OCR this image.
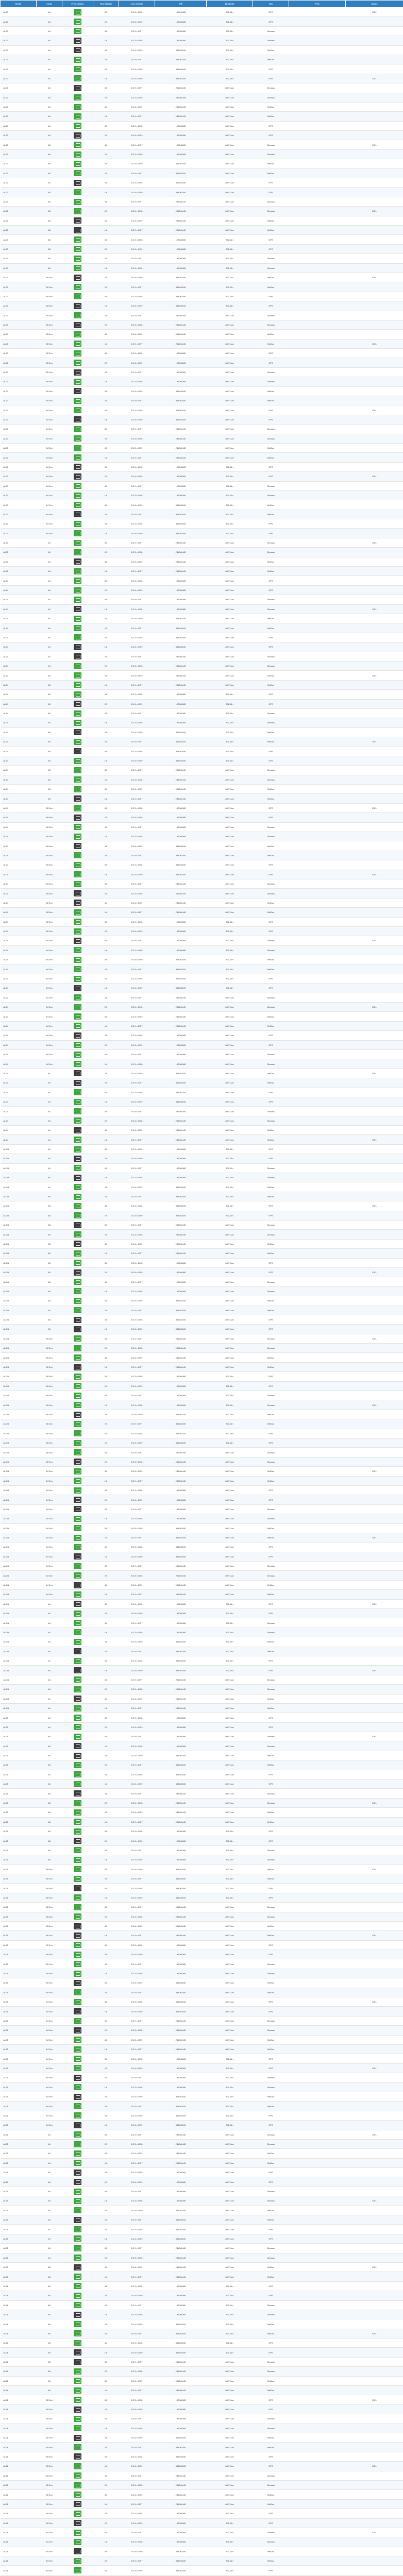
Model	Head	Front display	Rear display	Lens module	Wifi	Bluetooth	Nav	Price	Status
AL23	A4		3.0	1/2.3 x 1/2.8	1920x1080	802.11n	GPS		CIEL
AL23	A4		2.0	1/1.8 x 1/2.9	1920x1080	802.11n	GPS		
AL23	A4		4.0	1/2.9 x 1/2.7	1920x1080	802.11n	Glonass		
AL23	A4		1.6	1/2.3 x 1/2.8	1920x1080	802.11n	Glonass		
AL23	A4		3.0	1/1.8 x 1/2.9	3840x2160	802.11n	BeiDou		
AL23	A4		2.0	1/2.9 x 1/2.7	3840x2160	802.11n	BeiDou		
AL23	A4		4.0	1/2.3 x 1/2.8	3840x2160	802.11n	GPS		
AL23	A4		1.6	1/1.8 x 1/2.9	3840x2160	802.11n	GPS		CIEL
AL23	A4		3.0	1/2.9 x 1/2.7	2560x1440	802.11ac	Glonass		
AL23	A4		2.0	1/2.3 x 1/2.8	2560x1440	802.11ac	Glonass		
AL23	A4		4.0	1/1.8 x 1/2.9	2560x1440	802.11ac	BeiDou		
AL23	A4		1.6	1/2.9 x 1/2.7	2560x1440	802.11ac	BeiDou		
AL23	A4		3.0	1/2.3 x 1/2.8	1920x1080	802.11ac	GPS		
AL23	A4		2.0	1/1.8 x 1/2.9	1920x1080	802.11ac	GPS		
AL23	A5		4.0	1/2.9 x 1/2.7	1920x1080	802.11ac	Glonass		CIEL
AL23	A5		1.6	1/2.3 x 1/2.8	1920x1080	802.11ac	Glonass		
AL23	A5		3.0	1/1.8 x 1/2.9	3840x2160	802.11ax	BeiDou		
AL23	A5		2.0	1/2.9 x 1/2.7	3840x2160	802.11ax	BeiDou		
AL23	A5		4.0	1/2.3 x 1/2.8	3840x2160	802.11ax	GPS		
AL23	A5		1.6	1/1.8 x 1/2.9	3840x2160	802.11ax	GPS		
AL23	A5		3.0	1/2.9 x 1/2.7	2560x1440	802.11ax	Glonass		
AL23	A5		2.0	1/2.3 x 1/2.8	2560x1440	802.11ax	Glonass		CIEL
AL23	A5		4.0	1/1.8 x 1/2.9	2560x1440	802.11ax	BeiDou		
AL23	A5		1.6	1/2.9 x 1/2.7	2560x1440	802.11ax	BeiDou		
AL23	A5		3.0	1/2.3 x 1/2.8	1920x1080	802.11n	GPS		
AL23	A5		2.0	1/1.8 x 1/2.9	1920x1080	802.11n	GPS		
AL23	A5		4.0	1/2.9 x 1/2.7	1920x1080	802.11n	Glonass		
AL23	A5		1.6	1/2.3 x 1/2.8	1920x1080	802.11n	Glonass		
AL23	A5 Eco		3.0	1/1.8 x 1/2.9	3840x2160	802.11n	BeiDou		CIEL
AL23	A5 Eco		2.0	1/2.9 x 1/2.7	3840x2160	802.11n	BeiDou		
AL23	A5 Eco		4.0	1/2.3 x 1/2.8	3840x2160	802.11n	GPS		
AL23	A5 Eco		1.6	1/1.8 x 1/2.9	3840x2160	802.11n	GPS		
AL23	A5 Eco		3.0	1/2.9 x 1/2.7	2560x1440	802.11ac	Glonass		
AL23	A5 Eco		2.0	1/2.3 x 1/2.8	2560x1440	802.11ac	Glonass		
AL23	A5 Eco		4.0	1/1.8 x 1/2.9	2560x1440	802.11ac	BeiDou		
AL23	A5 Eco		1.6	1/2.9 x 1/2.7	2560x1440	802.11ac	BeiDou		CIEL
AL23	A5 Eco		3.0	1/2.3 x 1/2.8	1920x1080	802.11ac	GPS		
AL23	A5 Eco		2.0	1/1.8 x 1/2.9	1920x1080	802.11ac	GPS		
AL23	A5 Eco		4.0	1/2.9 x 1/2.7	1920x1080	802.11ac	Glonass		
AL23	A5 Eco		1.6	1/2.3 x 1/2.8	1920x1080	802.11ac	Glonass		
AL23	A5 Eco		3.0	1/1.8 x 1/2.9	3840x2160	802.11ax	BeiDou		
AL23	A5 Eco		2.0	1/2.9 x 1/2.7	3840x2160	802.11ax	BeiDou		
AL23	A4 Eco		4.0	1/2.3 x 1/2.8	3840x2160	802.11ax	GPS		CIEL
AL23	A4 Eco		1.6	1/1.8 x 1/2.9	3840x2160	802.11ax	GPS		
AL23	A4 Eco		3.0	1/2.9 x 1/2.7	2560x1440	802.11ax	Glonass		
AL23	A4 Eco		2.0	1/2.3 x 1/2.8	2560x1440	802.11ax	Glonass		
AL23	A4 Eco		4.0	1/1.8 x 1/2.9	2560x1440	802.11ax	BeiDou		
AL23	A4 Eco		1.6	1/2.9 x 1/2.7	2560x1440	802.11ax	BeiDou		
AL23	A4 Eco		3.0	1/2.3 x 1/2.8	1920x1080	802.11n	GPS		
AL23	A4 Eco		2.0	1/1.8 x 1/2.9	1920x1080	802.11n	GPS		CIEL
AL23	A4 Eco		4.0	1/2.9 x 1/2.7	1920x1080	802.11n	Glonass		
AL23	A4 Eco		1.6	1/2.3 x 1/2.8	1920x1080	802.11n	Glonass		
AL23	A4 Eco		3.0	1/1.8 x 1/2.9	3840x2160	802.11n	BeiDou		
AL23	A4 Eco		2.0	1/2.9 x 1/2.7	3840x2160	802.11n	BeiDou		
AL23	A4 Eco		4.0	1/2.3 x 1/2.8	3840x2160	802.11n	GPS		
AL23	A4 Eco		1.6	1/1.8 x 1/2.9	3840x2160	802.11n	GPS		
AL23	A4		3.0	1/2.9 x 1/2.7	2560x1440	802.11ac	Glonass		CIEL
AL23	A4		2.0	1/2.3 x 1/2.8	2560x1440	802.11ac	Glonass		
AL23	A4		4.0	1/1.8 x 1/2.9	2560x1440	802.11ac	BeiDou		
AL23	A4		1.6	1/2.9 x 1/2.7	2560x1440	802.11ac	BeiDou		
AL24	A4		3.0	1/2.3 x 1/2.8	1920x1080	802.11ac	GPS		
AL24	A4		2.0	1/1.8 x 1/2.9	1920x1080	802.11ac	GPS		
AL24	A4		4.0	1/2.9 x 1/2.7	1920x1080	802.11ac	Glonass		
AL24	A4		1.6	1/2.3 x 1/2.8	1920x1080	802.11ac	Glonass		CIEL
AL24	A4		3.0	1/1.8 x 1/2.9	3840x2160	802.11ax	BeiDou		
AL24	A4		2.0	1/2.9 x 1/2.7	3840x2160	802.11ax	BeiDou		
AL24	A4		4.0	1/2.3 x 1/2.8	3840x2160	802.11ax	GPS		
AL24	A4		1.6	1/1.8 x 1/2.9	3840x2160	802.11ax	GPS		
AL24	A4		3.0	1/2.9 x 1/2.7	2560x1440	802.11ax	Glonass		
AL24	A4		2.0	1/2.3 x 1/2.8	2560x1440	802.11ax	Glonass		
AL24	A5		4.0	1/1.8 x 1/2.9	2560x1440	802.11ax	BeiDou		CIEL
AL24	A5		1.6	1/2.9 x 1/2.7	2560x1440	802.11ax	BeiDou		
AL24	A5		3.0	1/2.3 x 1/2.8	1920x1080	802.11n	GPS		
AL24	A5		2.0	1/1.8 x 1/2.9	1920x1080	802.11n	GPS		
AL24	A5		4.0	1/2.9 x 1/2.7	1920x1080	802.11n	Glonass		
AL24	A5		1.6	1/2.3 x 1/2.8	1920x1080	802.11n	Glonass		
AL24	A5		3.0	1/1.8 x 1/2.9	3840x2160	802.11n	BeiDou		
AL24	A5		2.0	1/2.9 x 1/2.7	3840x2160	802.11n	BeiDou		CIEL
AL24	A5		4.0	1/2.3 x 1/2.8	3840x2160	802.11n	GPS		
AL24	A5		1.6	1/1.8 x 1/2.9	3840x2160	802.11n	GPS		
AL24	A5		3.0	1/2.9 x 1/2.7	2560x1440	802.11ac	Glonass		
AL24	A5		2.0	1/2.3 x 1/2.8	2560x1440	802.11ac	Glonass		
AL24	A5		4.0	1/1.8 x 1/2.9	2560x1440	802.11ac	BeiDou		
AL24	A5		1.6	1/2.9 x 1/2.7	2560x1440	802.11ac	BeiDou		
AL24	A5 Eco		3.0	1/2.3 x 1/2.8	1920x1080	802.11ac	GPS		CIEL
AL24	A5 Eco		2.0	1/1.8 x 1/2.9	1920x1080	802.11ac	GPS		
AL24	A5 Eco		4.0	1/2.9 x 1/2.7	1920x1080	802.11ac	Glonass		
AL24	A5 Eco		1.6	1/2.3 x 1/2.8	1920x1080	802.11ac	Glonass		
AL24	A5 Eco		3.0	1/1.8 x 1/2.9	3840x2160	802.11ax	BeiDou		
AL24	A5 Eco		2.0	1/2.9 x 1/2.7	3840x2160	802.11ax	BeiDou		
AL24	A5 Eco		4.0	1/2.3 x 1/2.8	3840x2160	802.11ax	GPS		
AL24	A5 Eco		1.6	1/1.8 x 1/2.9	3840x2160	802.11ax	GPS		CIEL
AL24	A5 Eco		3.0	1/2.9 x 1/2.7	2560x1440	802.11ax	Glonass		
AL24	A5 Eco		2.0	1/2.3 x 1/2.8	2560x1440	802.11ax	Glonass		
AL24	A5 Eco		4.0	1/1.8 x 1/2.9	2560x1440	802.11ax	BeiDou		
AL24	A5 Eco		1.6	1/2.9 x 1/2.7	2560x1440	802.11ax	BeiDou		
AL24	A5 Eco		3.0	1/2.3 x 1/2.8	1920x1080	802.11n	GPS		
AL24	A5 Eco		2.0	1/1.8 x 1/2.9	1920x1080	802.11n	GPS		
AL24	A4 Eco		4.0	1/2.9 x 1/2.7	1920x1080	802.11n	Glonass		CIEL
AL24	A4 Eco		1.6	1/2.3 x 1/2.8	1920x1080	802.11n	Glonass		
AL24	A4 Eco		3.0	1/1.8 x 1/2.9	3840x2160	802.11n	BeiDou		
AL24	A4 Eco		2.0	1/2.9 x 1/2.7	3840x2160	802.11n	BeiDou		
AL24	A4 Eco		4.0	1/2.3 x 1/2.8	3840x2160	802.11n	GPS		
AL24	A4 Eco		1.6	1/1.8 x 1/2.9	3840x2160	802.11n	GPS		
AL24	A4 Eco		3.0	1/2.9 x 1/2.7	2560x1440	802.11ac	Glonass		
AL24	A4 Eco		2.0	1/2.3 x 1/2.8	2560x1440	802.11ac	Glonass		CIEL
AL24	A4 Eco		4.0	1/1.8 x 1/2.9	2560x1440	802.11ac	BeiDou		
AL24	A4 Eco		1.6	1/2.9 x 1/2.7	2560x1440	802.11ac	BeiDou		
AL24	A4 Eco		3.0	1/2.3 x 1/2.8	1920x1080	802.11ac	GPS		
AL24	A4 Eco		2.0	1/1.8 x 1/2.9	1920x1080	802.11ac	GPS		
AL24	A4 Eco		4.0	1/2.9 x 1/2.7	1920x1080	802.11ac	Glonass		
AL24	A4 Eco		1.6	1/2.3 x 1/2.8	1920x1080	802.11ac	Glonass		
AL24	A4		3.0	1/1.8 x 1/2.9	3840x2160	802.11ax	BeiDou		CIEL
AL24	A4		2.0	1/2.9 x 1/2.7	3840x2160	802.11ax	BeiDou		
AL24	A4		4.0	1/2.3 x 1/2.8	3840x2160	802.11ax	GPS		
AL24	A4		1.6	1/1.8 x 1/2.9	3840x2160	802.11ax	GPS		
AL24	A4		3.0	1/2.9 x 1/2.7	2560x1440	802.11ax	Glonass		
AL24	A4		2.0	1/2.3 x 1/2.8	2560x1440	802.11ax	Glonass		
AL24	A4		4.0	1/1.8 x 1/2.9	2560x1440	802.11ax	BeiDou		
AL24	A4		1.6	1/2.9 x 1/2.7	2560x1440	802.11ax	BeiDou		CIEL
AL24L	A4		3.0	1/2.3 x 1/2.8	1920x1080	802.11n	GPS		
AL24L	A4		2.0	1/1.8 x 1/2.9	1920x1080	802.11n	GPS		
AL24L	A4		4.0	1/2.9 x 1/2.7	1920x1080	802.11n	Glonass		
AL24L	A4		1.6	1/2.3 x 1/2.8	1920x1080	802.11n	Glonass		
AL24L	A4		3.0	1/1.8 x 1/2.9	3840x2160	802.11n	BeiDou		
AL24L	A4		2.0	1/2.9 x 1/2.7	3840x2160	802.11n	BeiDou		
AL24L	A5		4.0	1/2.3 x 1/2.8	3840x2160	802.11n	GPS		CIEL
AL24L	A5		1.6	1/1.8 x 1/2.9	3840x2160	802.11n	GPS		
AL24L	A5		3.0	1/2.9 x 1/2.7	2560x1440	802.11ac	Glonass		
AL24L	A5		2.0	1/2.3 x 1/2.8	2560x1440	802.11ac	Glonass		
AL24L	A5		4.0	1/1.8 x 1/2.9	2560x1440	802.11ac	BeiDou		
AL24L	A5		1.6	1/2.9 x 1/2.7	2560x1440	802.11ac	BeiDou		
AL24L	A5		3.0	1/2.3 x 1/2.8	1920x1080	802.11ac	GPS		
AL24L	A5		2.0	1/1.8 x 1/2.9	1920x1080	802.11ac	GPS		CIEL
AL24L	A5		4.0	1/2.9 x 1/2.7	1920x1080	802.11ac	Glonass		
AL24L	A5		1.6	1/2.3 x 1/2.8	1920x1080	802.11ac	Glonass		
AL24L	A5		3.0	1/1.8 x 1/2.9	3840x2160	802.11ax	BeiDou		
AL24L	A5		2.0	1/2.9 x 1/2.7	3840x2160	802.11ax	BeiDou		
AL24L	A5		4.0	1/2.3 x 1/2.8	3840x2160	802.11ax	GPS		
AL24L	A5		1.6	1/1.8 x 1/2.9	3840x2160	802.11ax	GPS		
AL24L	A5 Eco		3.0	1/2.9 x 1/2.7	2560x1440	802.11ax	Glonass		CIEL
AL24L	A5 Eco		2.0	1/2.3 x 1/2.8	2560x1440	802.11ax	Glonass		
AL24L	A5 Eco		4.0	1/1.8 x 1/2.9	2560x1440	802.11ax	BeiDou		
AL24L	A5 Eco		1.6	1/2.9 x 1/2.7	2560x1440	802.11ax	BeiDou		
AL24L	A5 Eco		3.0	1/2.3 x 1/2.8	1920x1080	802.11n	GPS		
AL24L	A5 Eco		2.0	1/1.8 x 1/2.9	1920x1080	802.11n	GPS		
AL24L	A5 Eco		4.0	1/2.9 x 1/2.7	1920x1080	802.11n	Glonass		
AL24L	A5 Eco		1.6	1/2.3 x 1/2.8	1920x1080	802.11n	Glonass		CIEL
AL24L	A5 Eco		3.0	1/1.8 x 1/2.9	3840x2160	802.11n	BeiDou		
AL24L	A5 Eco		2.0	1/2.9 x 1/2.7	3840x2160	802.11n	BeiDou		
AL24L	A5 Eco		4.0	1/2.3 x 1/2.8	3840x2160	802.11n	GPS		
AL24L	A5 Eco		1.6	1/1.8 x 1/2.9	3840x2160	802.11n	GPS		
AL24L	A5 Eco		3.0	1/2.9 x 1/2.7	2560x1440	802.11ac	Glonass		
AL24L	A5 Eco		2.0	1/2.3 x 1/2.8	2560x1440	802.11ac	Glonass		
AL24L	A4 Eco		4.0	1/1.8 x 1/2.9	2560x1440	802.11ac	BeiDou		CIEL
AL24L	A4 Eco		1.6	1/2.9 x 1/2.7	2560x1440	802.11ac	BeiDou		
AL24L	A4 Eco		3.0	1/2.3 x 1/2.8	1920x1080	802.11ac	GPS		
AL24L	A4 Eco		2.0	1/1.8 x 1/2.9	1920x1080	802.11ac	GPS		
AL24L	A4 Eco		4.0	1/2.9 x 1/2.7	1920x1080	802.11ac	Glonass		
AL24L	A4 Eco		1.6	1/2.3 x 1/2.8	1920x1080	802.11ac	Glonass		
AL24L	A4 Eco		3.0	1/1.8 x 1/2.9	3840x2160	802.11ax	BeiDou		
AL24L	A4 Eco		2.0	1/2.9 x 1/2.7	3840x2160	802.11ax	BeiDou		CIEL
AL24L	A4 Eco		4.0	1/2.3 x 1/2.8	3840x2160	802.11ax	GPS		
AL24L	A4 Eco		1.6	1/1.8 x 1/2.9	3840x2160	802.11ax	GPS		
AL24L	A4 Eco		3.0	1/2.9 x 1/2.7	2560x1440	802.11ax	Glonass		
AL24L	A4 Eco		2.0	1/2.3 x 1/2.8	2560x1440	802.11ax	Glonass		
AL24L	A4 Eco		4.0	1/1.8 x 1/2.9	2560x1440	802.11ax	BeiDou		
AL24L	A4 Eco		1.6	1/2.9 x 1/2.7	2560x1440	802.11ax	BeiDou		
AL24L	A4		3.0	1/2.3 x 1/2.8	1920x1080	802.11n	GPS		CIEL
AL24L	A4		2.0	1/1.8 x 1/2.9	1920x1080	802.11n	GPS		
AL24L	A4		4.0	1/2.9 x 1/2.7	1920x1080	802.11n	Glonass		
AL24L	A4		1.6	1/2.3 x 1/2.8	1920x1080	802.11n	Glonass		
AL24L	A4		3.0	1/1.8 x 1/2.9	3840x2160	802.11n	BeiDou		
AL24L	A4		2.0	1/2.9 x 1/2.7	3840x2160	802.11n	BeiDou		
AL24L	A4		4.0	1/2.3 x 1/2.8	3840x2160	802.11n	GPS		
AL24L	A4		1.6	1/1.8 x 1/2.9	3840x2160	802.11n	GPS		CIEL
AL24L	A4		3.0	1/2.9 x 1/2.7	2560x1440	802.11ac	Glonass		
AL24L	A4		2.0	1/2.3 x 1/2.8	2560x1440	802.11ac	Glonass		
AL24L	A4		4.0	1/1.8 x 1/2.9	2560x1440	802.11ac	BeiDou		
AL24L	A4		1.6	1/2.9 x 1/2.7	2560x1440	802.11ac	BeiDou		
AL25	A4		3.0	1/2.3 x 1/2.8	1920x1080	802.11ac	GPS		
AL25	A4		2.0	1/1.8 x 1/2.9	1920x1080	802.11ac	GPS		
AL25	A5		4.0	1/2.9 x 1/2.7	1920x1080	802.11ac	Glonass		CIEL
AL25	A5		1.6	1/2.3 x 1/2.8	1920x1080	802.11ac	Glonass		
AL25	A5		3.0	1/1.8 x 1/2.9	3840x2160	802.11ax	BeiDou		
AL25	A5		2.0	1/2.9 x 1/2.7	3840x2160	802.11ax	BeiDou		
AL25	A5		4.0	1/2.3 x 1/2.8	3840x2160	802.11ax	GPS		
AL25	A5		1.6	1/1.8 x 1/2.9	3840x2160	802.11ax	GPS		
AL25	A5		3.0	1/2.9 x 1/2.7	2560x1440	802.11ax	Glonass		
AL25	A5		2.0	1/2.3 x 1/2.8	2560x1440	802.11ax	Glonass		CIEL
AL25	A5		4.0	1/1.8 x 1/2.9	2560x1440	802.11ax	BeiDou		
AL25	A5		1.6	1/2.9 x 1/2.7	2560x1440	802.11ax	BeiDou		
AL25	A5		3.0	1/2.3 x 1/2.8	1920x1080	802.11n	GPS		
AL25	A5		2.0	1/1.8 x 1/2.9	1920x1080	802.11n	GPS		
AL25	A5		4.0	1/2.9 x 1/2.7	1920x1080	802.11n	Glonass		
AL25	A5		1.6	1/2.3 x 1/2.8	1920x1080	802.11n	Glonass		
AL25	A5 Eco		3.0	1/1.8 x 1/2.9	3840x2160	802.11n	BeiDou		CIEL
AL25	A5 Eco		2.0	1/2.9 x 1/2.7	3840x2160	802.11n	BeiDou		
AL25	A5 Eco		4.0	1/2.3 x 1/2.8	3840x2160	802.11n	GPS		
AL25	A5 Eco		1.6	1/1.8 x 1/2.9	3840x2160	802.11n	GPS		
AL25	A5 Eco		3.0	1/2.9 x 1/2.7	2560x1440	802.11ac	Glonass		
AL25	A5 Eco		2.0	1/2.3 x 1/2.8	2560x1440	802.11ac	Glonass		
AL25	A5 Eco		4.0	1/1.8 x 1/2.9	2560x1440	802.11ac	BeiDou		
AL25	A5 Eco		1.6	1/2.9 x 1/2.7	2560x1440	802.11ac	BeiDou		CIEL
AL25	A5 Eco		3.0	1/2.3 x 1/2.8	1920x1080	802.11ac	GPS		
AL25	A5 Eco		2.0	1/1.8 x 1/2.9	1920x1080	802.11ac	GPS		
AL25	A5 Eco		4.0	1/2.9 x 1/2.7	1920x1080	802.11ac	Glonass		
AL25	A5 Eco		1.6	1/2.3 x 1/2.8	1920x1080	802.11ac	Glonass		
AL25	A5 Eco		3.0	1/1.8 x 1/2.9	3840x2160	802.11ax	BeiDou		
AL25	A5 Eco		2.0	1/2.9 x 1/2.7	3840x2160	802.11ax	BeiDou		
AL25	A4 Eco		4.0	1/2.3 x 1/2.8	3840x2160	802.11ax	GPS		CIEL
AL25	A4 Eco		1.6	1/1.8 x 1/2.9	3840x2160	802.11ax	GPS		
AL25	A4 Eco		3.0	1/2.9 x 1/2.7	2560x1440	802.11ax	Glonass		
AL25	A4 Eco		2.0	1/2.3 x 1/2.8	2560x1440	802.11ax	Glonass		
AL25	A4 Eco		4.0	1/1.8 x 1/2.9	2560x1440	802.11ax	BeiDou		
AL25	A4 Eco		1.6	1/2.9 x 1/2.7	2560x1440	802.11ax	BeiDou		
AL25	A4 Eco		3.0	1/2.3 x 1/2.8	1920x1080	802.11n	GPS		
AL25	A4 Eco		2.0	1/1.8 x 1/2.9	1920x1080	802.11n	GPS		CIEL
AL25	A4 Eco		4.0	1/2.9 x 1/2.7	1920x1080	802.11n	Glonass		
AL25	A4 Eco		1.6	1/2.3 x 1/2.8	1920x1080	802.11n	Glonass		
AL25	A4 Eco		3.0	1/1.8 x 1/2.9	3840x2160	802.11n	BeiDou		
AL25	A4 Eco		2.0	1/2.9 x 1/2.7	3840x2160	802.11n	BeiDou		
AL25	A4 Eco		4.0	1/2.3 x 1/2.8	3840x2160	802.11n	GPS		
AL25	A4 Eco		1.6	1/1.8 x 1/2.9	3840x2160	802.11n	GPS		
AL25	A4		3.0	1/2.9 x 1/2.7	2560x1440	802.11ac	Glonass		CIEL
AL25	A4		2.0	1/2.3 x 1/2.8	2560x1440	802.11ac	Glonass		
AL25	A4		4.0	1/1.8 x 1/2.9	2560x1440	802.11ac	BeiDou		
AL25	A4		1.6	1/2.9 x 1/2.7	2560x1440	802.11ac	BeiDou		
AL25	A4		3.0	1/2.3 x 1/2.8	1920x1080	802.11ac	GPS		
AL25	A4		2.0	1/1.8 x 1/2.9	1920x1080	802.11ac	GPS		
AL25	A4		4.0	1/2.9 x 1/2.7	1920x1080	802.11ac	Glonass		
AL25	A4		1.6	1/2.3 x 1/2.8	1920x1080	802.11ac	Glonass		CIEL
AL25	A4		3.0	1/1.8 x 1/2.9	3840x2160	802.11ax	BeiDou		
AL25	A4		2.0	1/2.9 x 1/2.7	3840x2160	802.11ax	BeiDou		
AL25	A4		4.0	1/2.3 x 1/2.8	3840x2160	802.11ax	GPS		
AL25	A4		1.6	1/1.8 x 1/2.9	3840x2160	802.11ax	GPS		
AL25	A4		3.0	1/2.9 x 1/2.7	2560x1440	802.11ax	Glonass		
AL25	A4		2.0	1/2.3 x 1/2.8	2560x1440	802.11ax	Glonass		
AL25	A5		4.0	1/1.8 x 1/2.9	2560x1440	802.11ax	BeiDou		CIEL
AL25	A5		1.6	1/2.9 x 1/2.7	2560x1440	802.11ax	BeiDou		
AL26	A5		3.0	1/2.3 x 1/2.8	1920x1080	802.11n	GPS		
AL26	A5		2.0	1/1.8 x 1/2.9	1920x1080	802.11n	GPS		
AL26	A5		4.0	1/2.9 x 1/2.7	1920x1080	802.11n	Glonass		
AL26	A5		1.6	1/2.3 x 1/2.8	1920x1080	802.11n	Glonass		
AL26	A5		3.0	1/1.8 x 1/2.9	3840x2160	802.11n	BeiDou		
AL26	A5		2.0	1/2.9 x 1/2.7	3840x2160	802.11n	BeiDou		CIEL
AL26	A5		4.0	1/2.3 x 1/2.8	3840x2160	802.11n	GPS		
AL26	A5		1.6	1/1.8 x 1/2.9	3840x2160	802.11n	GPS		
AL26	A5		3.0	1/2.9 x 1/2.7	2560x1440	802.11ac	Glonass		
AL26	A5		2.0	1/2.3 x 1/2.8	2560x1440	802.11ac	Glonass		
AL26	A5		4.0	1/1.8 x 1/2.9	2560x1440	802.11ac	BeiDou		
AL26	A5		1.6	1/2.9 x 1/2.7	2560x1440	802.11ac	BeiDou		
AL26	A5 Eco		3.0	1/2.3 x 1/2.8	1920x1080	802.11ac	GPS		CIEL
AL26	A5 Eco		2.0	1/1.8 x 1/2.9	1920x1080	802.11ac	GPS		
AL26	A5 Eco		4.0	1/2.9 x 1/2.7	1920x1080	802.11ac	Glonass		
AL26	A5 Eco		1.6	1/2.3 x 1/2.8	1920x1080	802.11ac	Glonass		
AL26	A5 Eco		3.0	1/1.8 x 1/2.9	3840x2160	802.11ax	BeiDou		
AL26	A5 Eco		2.0	1/2.9 x 1/2.7	3840x2160	802.11ax	BeiDou		
AL26	A5 Eco		4.0	1/2.3 x 1/2.8	3840x2160	802.11ax	GPS		
AL26	A5 Eco		1.6	1/1.8 x 1/2.9	3840x2160	802.11ax	GPS		CIEL
AL26	A5 Eco		3.0	1/2.9 x 1/2.7	2560x1440	802.11ax	Glonass		
AL26	A5 Eco		2.0	1/2.3 x 1/2.8	2560x1440	802.11ax	Glonass		
AL26	A5 Eco		4.0	1/1.8 x 1/2.9	2560x1440	802.11ax	BeiDou		
AL26	A5 Eco		1.6	1/2.9 x 1/2.7	2560x1440	802.11ax	BeiDou		
AL26	A5 Eco		3.0	1/2.3 x 1/2.8	1920x1080	802.11n	GPS		
AL26	A5 Eco		2.0	1/1.8 x 1/2.9	1920x1080	802.11n	GPS		
AL26	A4 Eco		4.0	1/2.9 x 1/2.7	1920x1080	802.11n	Glonass		CIEL
AL26	A4 Eco		1.6	1/2.3 x 1/2.8	1920x1080	802.11n	Glonass		
AL26	A4 Eco		3.0	1/1.8 x 1/2.9	3840x2160	802.11n	BeiDou		
AL26	A4 Eco		2.0	1/2.9 x 1/2.7	3840x2160	802.11n	BeiDou		
AL26	A4 Eco		4.0	1/2.3 x 1/2.8	3840x2160	802.11n	GPS		
